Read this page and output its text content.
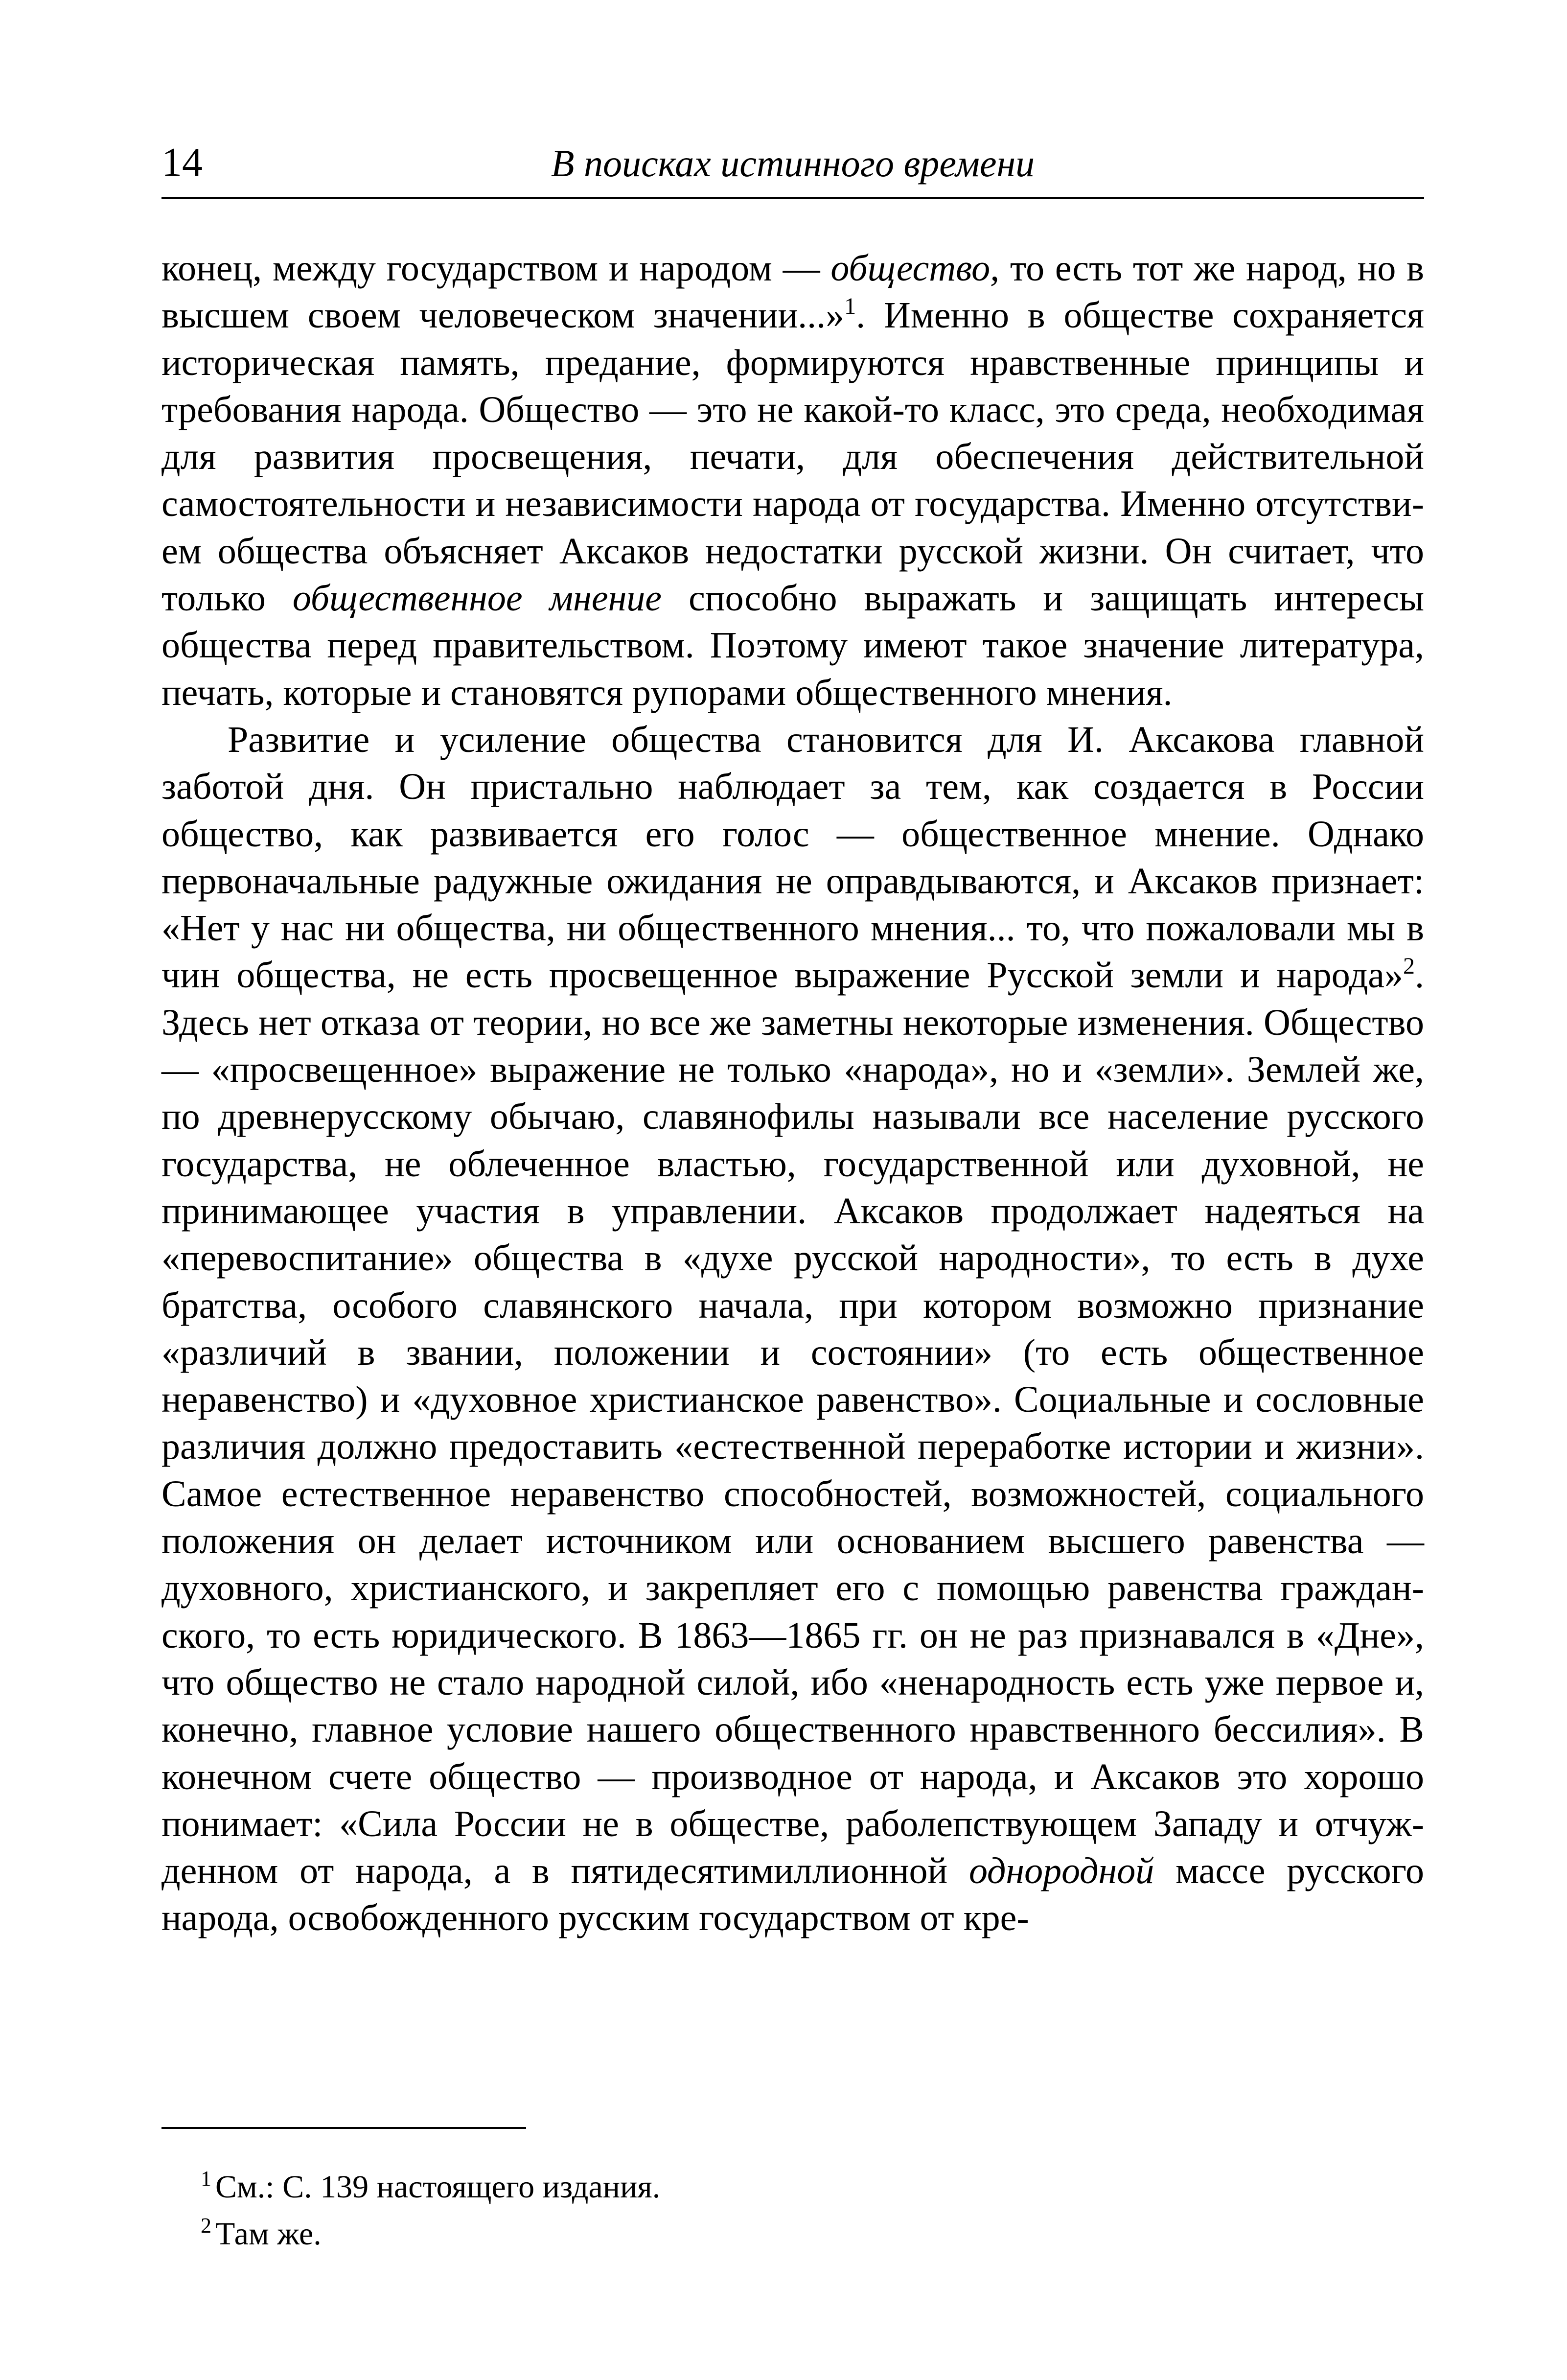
14	В поисках истинного времени

конец, между государством и народом — общество, то есть тот же народ, но в высшем своем человеческом значении...»$^1$. Именно в обществе сохраняется историческая память, предание, формируются нравственные принципы и требования народа. Общество — это не какой-то класс, это среда, необходимая для развития просвещения, печати, для обеспечения действительной самостоятельности и независимости народа от государства. Именно отсутствием общества объясняет Аксаков недостатки русской жизни. Он считает, что только общественное мнение способно выражать и защищать интересы общества перед правительством. Поэтому имеют такое значение литература, печать, которые и становятся рупорами общественного мнения.

Развитие и усиление общества становится для И. Аксакова главной заботой дня. Он пристально наблюдает за тем, как создается в России общество, как развивается его голос — общественное мнение. Однако первоначальные радужные ожидания не оправдываются, и Аксаков признает: «Нет у нас ни общества, ни общественного мнения... то, что пожаловали мы в чин общества, не есть просвещенное выражение Русской земли и народа»$^2$. Здесь нет отказа от теории, но все же заметны некоторые изменения. Общество — «просвещенное» выражение не только «народа», но и «земли». Землей же, по древнерусскому обычаю, славянофилы называли все население русского государства, не облеченное властью, государственной или духовной, не принимающее участия в управлении. Аксаков продолжает надеяться на «перевоспитание» общества в «духе русской народности», то есть в духе братства, особого славянского начала, при котором возможно признание «различий в звании, положении и состоянии» (то есть общественное неравенство) и «духовное христианское равенство». Социальные и сословные различия должно предоставить «естественной переработке истории и жизни». Самое естественное неравенство способностей, возможностей, социального положения он делает источником или основанием высшего равенства — духовного, христианского, и закрепляет его с помощью равенства гражданского, то есть юридического. В 1863—1865 гг. он не раз признавался в «Дне», что общество не стало народной силой, ибо «ненародность есть уже первое и, конечно, главное условие нашего общественного нравственного бессилия». В конечном счете общество — производное от народа, и Аксаков это хорошо понимает: «Сила России не в обществе, раболепствующем Западу и отчужденном от народа, а в пятидесятимиллионной однородной массе русского народа, освобожденного русским государством от кре-

$^1$ См.: С. 139 настоящего издания.
$^2$ Там же.
